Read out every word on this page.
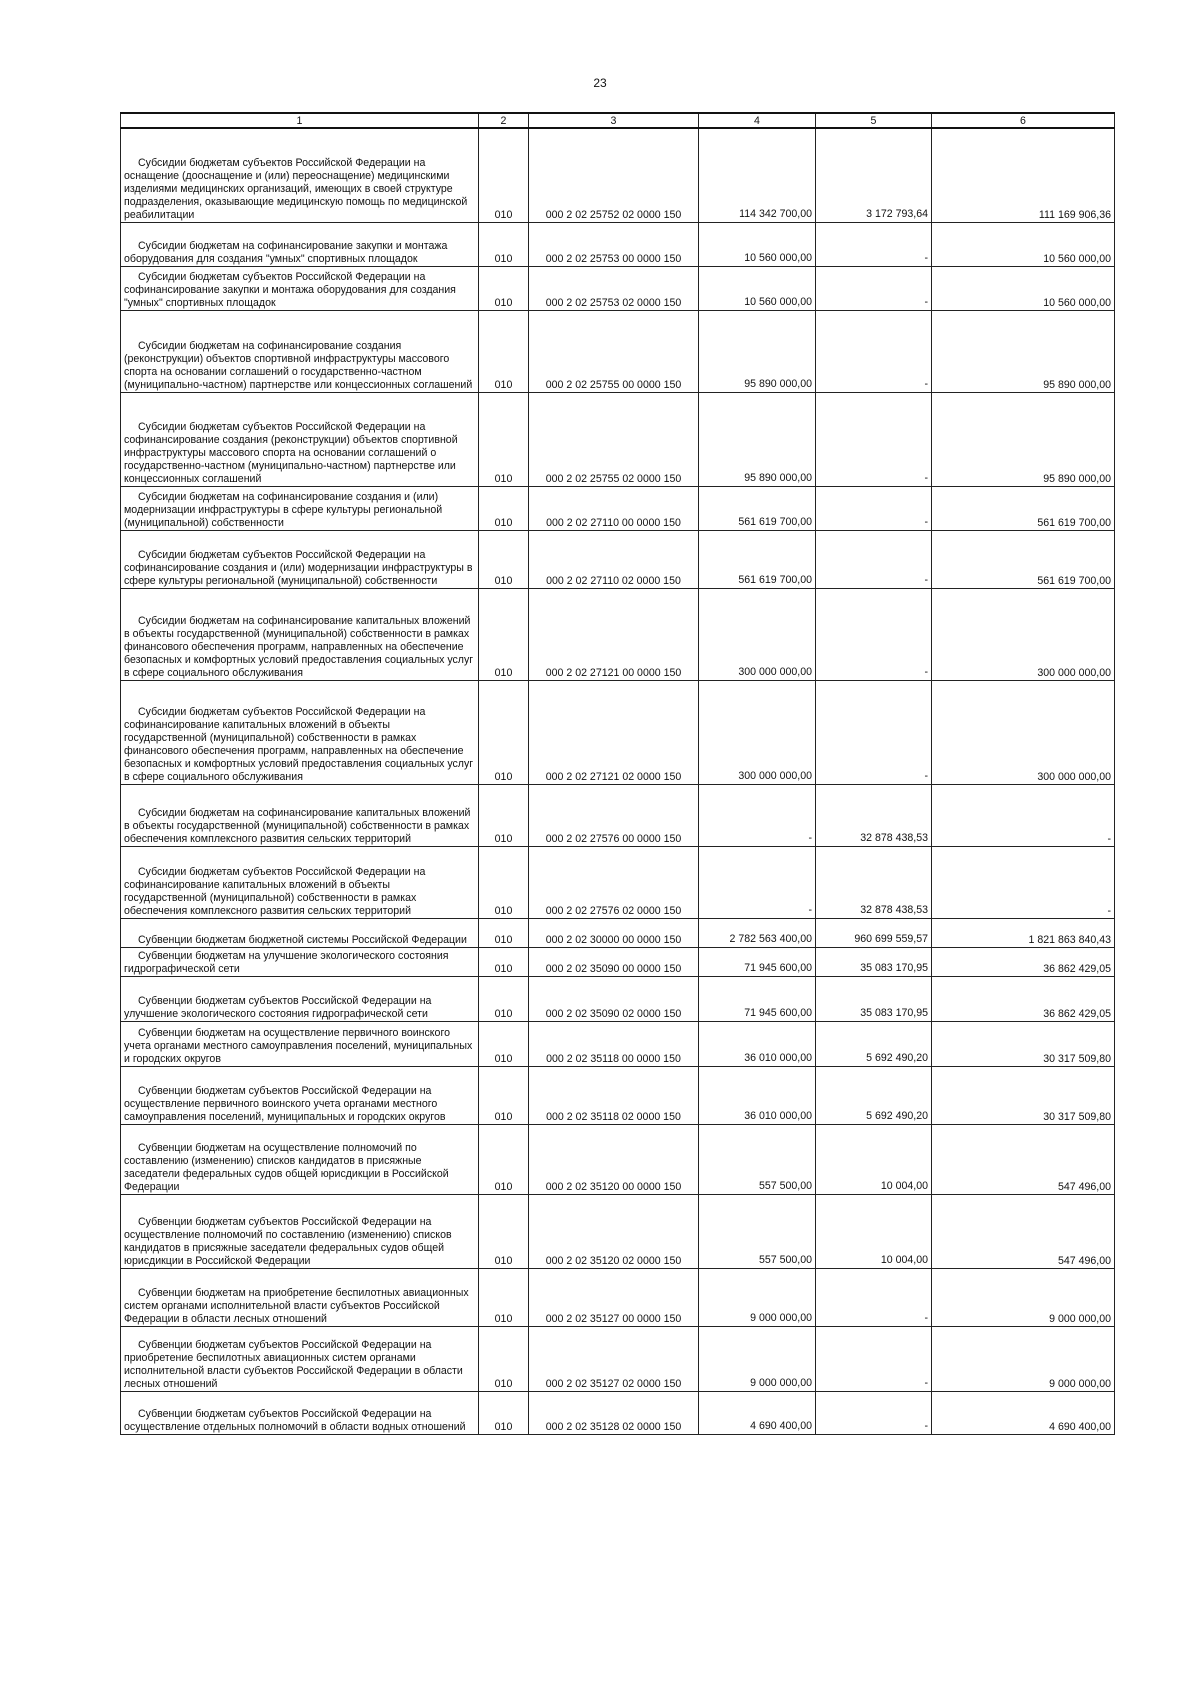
23
1	2	3	4	5	6

Субсидии бюджетам субъектов Российской Федерации на оснащение (дооснащение и (или) переоснащение) медицинскими изделиями медицинских организаций, имеющих в своей структуре подразделения, оказывающие медицинскую помощь по медицинской реабилитации	010	000 2 02 25752 02 0000 150	114 342 700,00	3 172 793,64	111 169 906,36

Субсидии бюджетам на софинансирование закупки и монтажа оборудования для создания "умных" спортивных площадок	010	000 2 02 25753 00 0000 150	10 560 000,00	-	10 560 000,00

Субсидии бюджетам субъектов Российской Федерации на софинансирование закупки и монтажа оборудования для создания "умных" спортивных площадок	010	000 2 02 25753 02 0000 150	10 560 000,00	-	10 560 000,00

Субсидии бюджетам на софинансирование создания (реконструкции) объектов спортивной инфраструктуры массового спорта на основании соглашений о государственно-частном (муниципально-частном) партнерстве или концессионных соглашений	010	000 2 02 25755 00 0000 150	95 890 000,00	-	95 890 000,00

Субсидии бюджетам субъектов Российской Федерации на софинансирование создания (реконструкции) объектов спортивной инфраструктуры массового спорта на основании соглашений о государственно-частном (муниципально-частном) партнерстве или концессионных соглашений	010	000 2 02 25755 02 0000 150	95 890 000,00	-	95 890 000,00

Субсидии бюджетам на софинансирование создания и (или) модернизации инфраструктуры в сфере культуры региональной (муниципальной) собственности	010	000 2 02 27110 00 0000 150	561 619 700,00	-	561 619 700,00

Субсидии бюджетам субъектов Российской Федерации на софинансирование создания и (или) модернизации инфраструктуры в сфере культуры региональной (муниципальной) собственности	010	000 2 02 27110 02 0000 150	561 619 700,00	-	561 619 700,00

Субсидии бюджетам на софинансирование капитальных вложений в объекты государственной (муниципальной) собственности в рамках финансового обеспечения программ, направленных на обеспечение безопасных и комфортных условий предоставления социальных услуг в сфере социального обслуживания	010	000 2 02 27121 00 0000 150	300 000 000,00	-	300 000 000,00

Субсидии бюджетам субъектов Российской Федерации на софинансирование капитальных вложений в объекты государственной (муниципальной) собственности в рамках финансового обеспечения программ, направленных на обеспечение безопасных и комфортных условий предоставления социальных услуг в сфере социального обслуживания	010	000 2 02 27121 02 0000 150	300 000 000,00	-	300 000 000,00

Субсидии бюджетам на софинансирование капитальных вложений в объекты государственной (муниципальной) собственности в рамках обеспечения комплексного развития сельских территорий	010	000 2 02 27576 00 0000 150	-	32 878 438,53	-

Субсидии бюджетам субъектов Российской Федерации на софинансирование капитальных вложений в объекты государственной (муниципальной) собственности в рамках обеспечения комплексного развития сельских территорий	010	000 2 02 27576 02 0000 150	-	32 878 438,53	-

Субвенции бюджетам бюджетной системы Российской Федерации	010	000 2 02 30000 00 0000 150	2 782 563 400,00	960 699 559,57	1 821 863 840,43

Субвенции бюджетам на улучшение экологического состояния гидрографической сети	010	000 2 02 35090 00 0000 150	71 945 600,00	35 083 170,95	36 862 429,05

Субвенции бюджетам субъектов Российской Федерации на улучшение экологического состояния гидрографической сети	010	000 2 02 35090 02 0000 150	71 945 600,00	35 083 170,95	36 862 429,05

Субвенции бюджетам на осуществление первичного воинского учета органами местного самоуправления поселений, муниципальных и городских округов	010	000 2 02 35118 00 0000 150	36 010 000,00	5 692 490,20	30 317 509,80

Субвенции бюджетам субъектов Российской Федерации на осуществление первичного воинского учета органами местного самоуправления поселений, муниципальных и городских округов	010	000 2 02 35118 02 0000 150	36 010 000,00	5 692 490,20	30 317 509,80

Субвенции бюджетам на осуществление полномочий по составлению (изменению) списков кандидатов в присяжные заседатели федеральных судов общей юрисдикции в Российской Федерации	010	000 2 02 35120 00 0000 150	557 500,00	10 004,00	547 496,00

Субвенции бюджетам субъектов Российской Федерации на осуществление полномочий по составлению (изменению) списков кандидатов в присяжные заседатели федеральных судов общей юрисдикции в Российской Федерации	010	000 2 02 35120 02 0000 150	557 500,00	10 004,00	547 496,00

Субвенции бюджетам на приобретение беспилотных авиационных систем органами исполнительной власти субъектов Российской Федерации в области лесных отношений	010	000 2 02 35127 00 0000 150	9 000 000,00	-	9 000 000,00

Субвенции бюджетам субъектов Российской Федерации на приобретение беспилотных авиационных систем органами исполнительной власти субъектов Российской Федерации в области лесных отношений	010	000 2 02 35127 02 0000 150	9 000 000,00	-	9 000 000,00

Субвенции бюджетам субъектов Российской Федерации на осуществление отдельных полномочий в области водных отношений	010	000 2 02 35128 02 0000 150	4 690 400,00	-	4 690 400,00
